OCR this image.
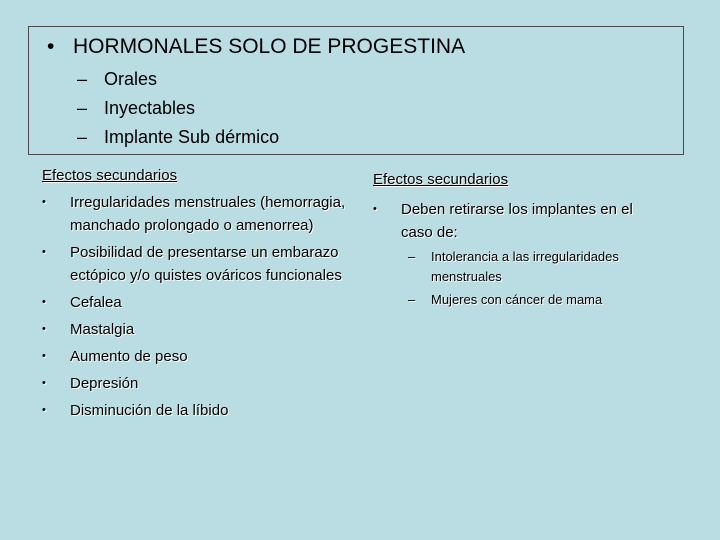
• HORMONALES SOLO DE PROGESTINA
– Orales
– Inyectables
– Implante Sub dérmico
Efectos secundarios
• Irregularidades menstruales (hemorragia, manchado prolongado o amenorrea)
• Posibilidad de presentarse un embarazo ectópico y/o quistes ováricos funcionales
• Cefalea
• Mastalgia
• Aumento de peso
• Depresión
• Disminución de la líbido
Efectos secundarios
• Deben retirarse los implantes en el caso de:
– Intolerancia a las irregularidades menstruales
– Mujeres con cáncer de mama
